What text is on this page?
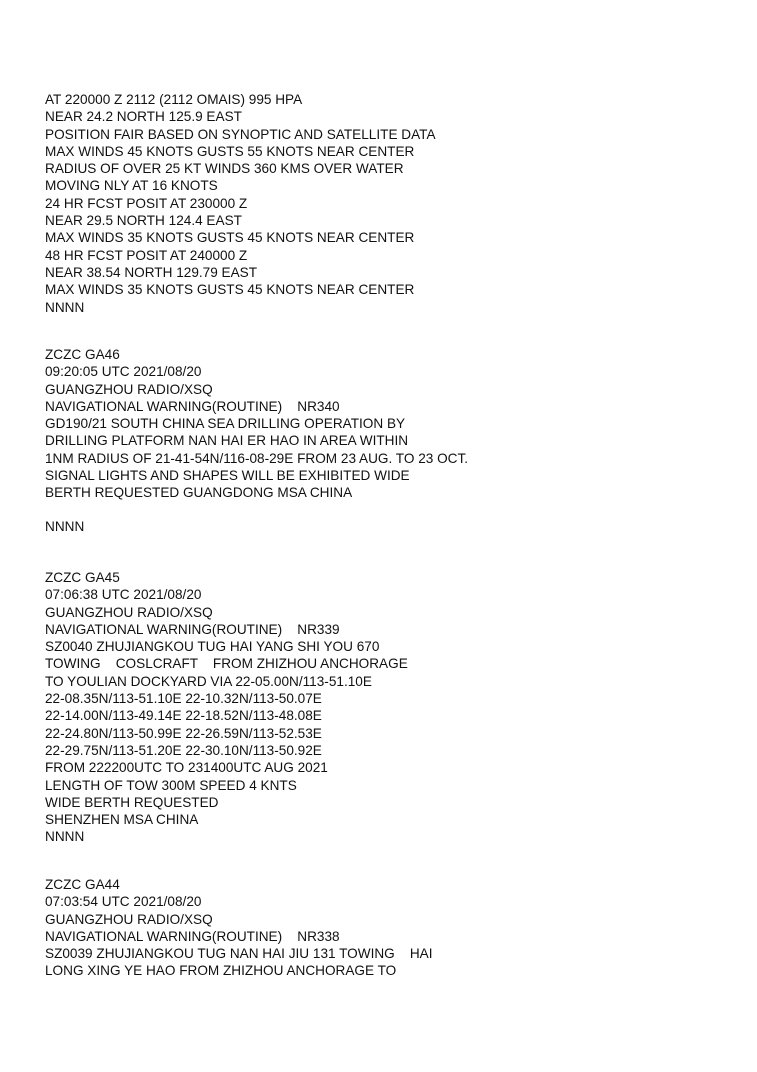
AT 220000 Z 2112 (2112 OMAIS) 995 HPA
NEAR 24.2 NORTH 125.9 EAST
POSITION FAIR BASED ON SYNOPTIC AND SATELLITE DATA
MAX WINDS 45 KNOTS GUSTS 55 KNOTS NEAR CENTER
RADIUS OF OVER 25 KT WINDS 360 KMS OVER WATER
MOVING NLY AT 16 KNOTS
24 HR FCST POSIT AT 230000 Z
NEAR 29.5 NORTH 124.4 EAST
MAX WINDS 35 KNOTS GUSTS 45 KNOTS NEAR CENTER
48 HR FCST POSIT AT 240000 Z
NEAR 38.54 NORTH 129.79 EAST
MAX WINDS 35 KNOTS GUSTS 45 KNOTS NEAR CENTER
NNNN
ZCZC GA46
09:20:05 UTC 2021/08/20
GUANGZHOU RADIO/XSQ
NAVIGATIONAL WARNING(ROUTINE)    NR340
GD190/21 SOUTH CHINA SEA DRILLING OPERATION BY
DRILLING PLATFORM NAN HAI ER HAO IN AREA WITHIN
1NM RADIUS OF 21-41-54N/116-08-29E FROM 23 AUG. TO 23 OCT.
SIGNAL LIGHTS AND SHAPES WILL BE EXHIBITED WIDE
BERTH REQUESTED GUANGDONG MSA CHINA
NNNN
ZCZC GA45
07:06:38 UTC 2021/08/20
GUANGZHOU RADIO/XSQ
NAVIGATIONAL WARNING(ROUTINE)    NR339
SZ0040 ZHUJIANGKOU TUG HAI YANG SHI YOU 670
TOWING    COSLCRAFT    FROM ZHIZHOU ANCHORAGE
TO YOULIAN DOCKYARD VIA 22-05.00N/113-51.10E
22-08.35N/113-51.10E 22-10.32N/113-50.07E
22-14.00N/113-49.14E 22-18.52N/113-48.08E
22-24.80N/113-50.99E 22-26.59N/113-52.53E
22-29.75N/113-51.20E 22-30.10N/113-50.92E
FROM 222200UTC TO 231400UTC AUG 2021
LENGTH OF TOW 300M SPEED 4 KNTS
WIDE BERTH REQUESTED
SHENZHEN MSA CHINA
NNNN
ZCZC GA44
07:03:54 UTC 2021/08/20
GUANGZHOU RADIO/XSQ
NAVIGATIONAL WARNING(ROUTINE)    NR338
SZ0039 ZHUJIANGKOU TUG NAN HAI JIU 131 TOWING    HAI
LONG XING YE HAO FROM ZHIZHOU ANCHORAGE TO
